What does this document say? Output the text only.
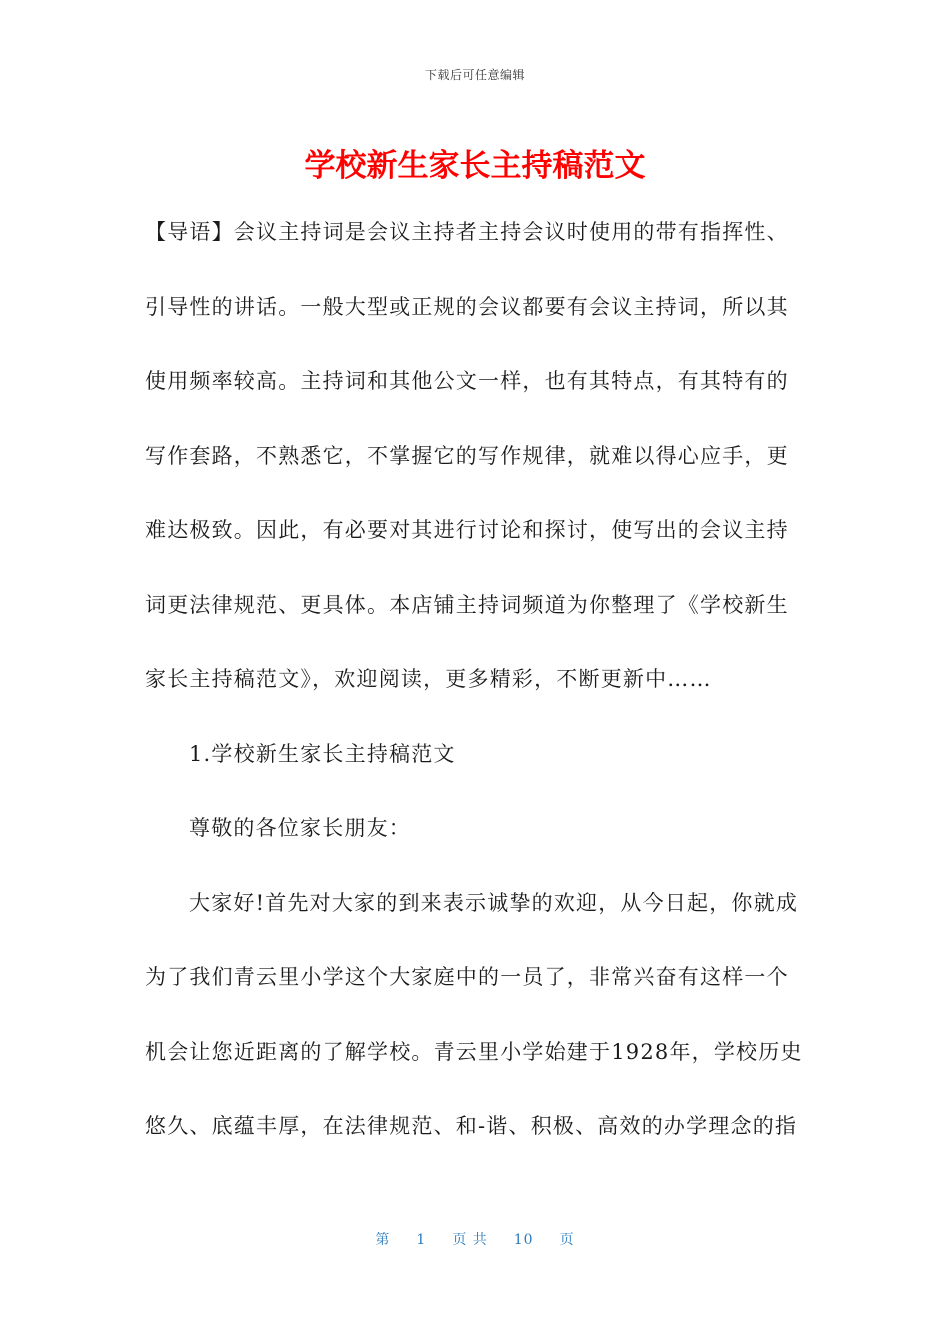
下载后可任意编辑
学校新生家长主持稿范文
【导语】会议主持词是会议主持者主持会议时使用的带有指挥性、
引导性的讲话。一般大型或正规的会议都要有会议主持词，所以其
使用频率较高。主持词和其他公文一样，也有其特点，有其特有的
写作套路，不熟悉它，不掌握它的写作规律，就难以得心应手，更
难达极致。因此，有必要对其进行讨论和探讨，使写出的会议主持
词更法律规范、更具体。本店铺主持词频道为你整理了《学校新生
家长主持稿范文》，欢迎阅读，更多精彩，不断更新中……
1.学校新生家长主持稿范文
尊敬的各位家长朋友：
大家好!首先对大家的到来表示诚挚的欢迎，从今日起，你就成
为了我们青云里小学这个大家庭中的一员了，非常兴奋有这样一个
机会让您近距离的了解学校。青云里小学始建于1928年，学校历史
悠久、底蕴丰厚，在法律规范、和-谐、积极、高效的办学理念的指
第 1 页 共 10 页
